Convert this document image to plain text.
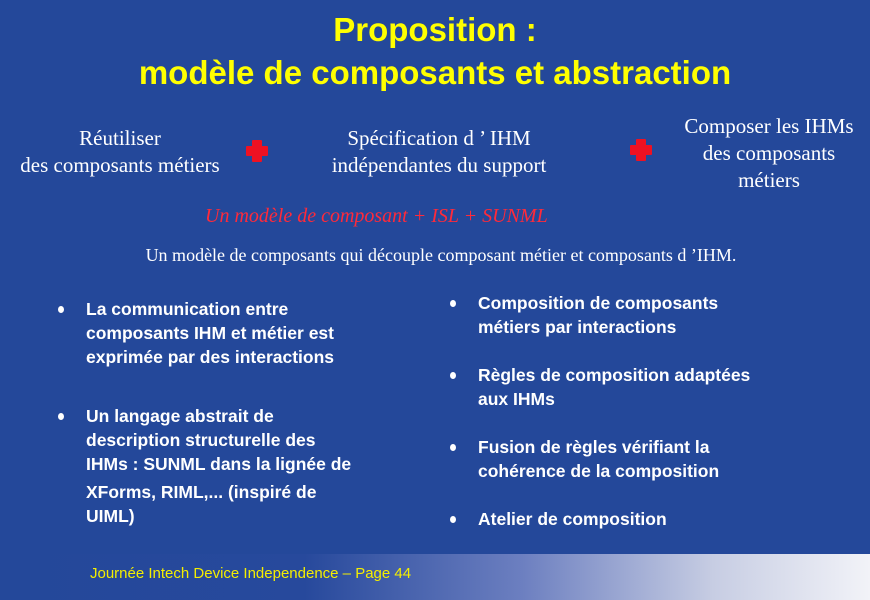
Proposition :
modèle de composants et abstraction
Réutiliser
des composants métiers
Spécification d ’ IHM
indépendantes du support
Composer les IHMs
des composants
métiers
Un modèle de composant + ISL + SUNML
Un modèle de composants qui découple composant métier et composants d ’IHM.
La communication entre
composants IHM et métier est
exprimée par des interactions
Un langage abstrait de
description structurelle des
IHMs : SUNML dans la lignée de
XForms, RIML,... (inspiré de
UIML)
Composition de composants
métiers par interactions
Règles de composition adaptées
aux IHMs
Fusion de règles vérifiant la
cohérence de la composition
Atelier de composition
Journée Intech Device Independence – Page 44
